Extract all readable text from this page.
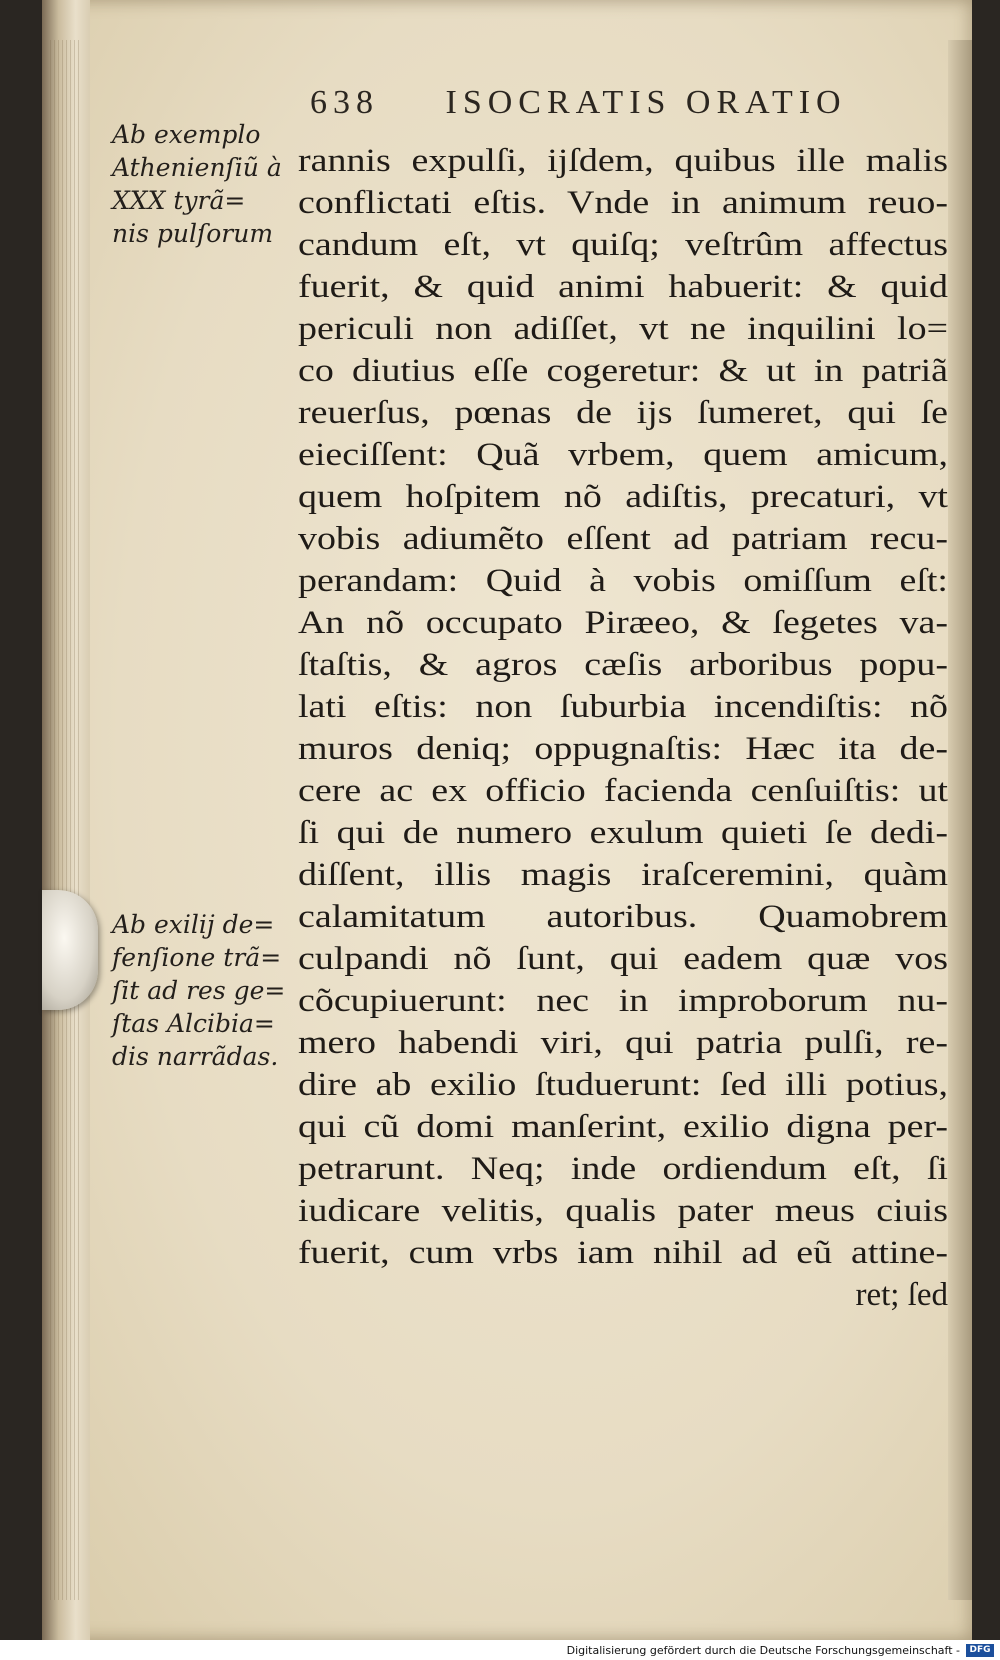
638 ISOCRATIS ORATIO
Ab exemplo
Athenienſiũ à
XXX tyrã=
nis pulſorum
Ab exilij de=
fenſione trã=
ſit ad res ge=
ſtas Alcibia=
dis narrãdas.
rannis expulſi, ijſdem, quibus ille malis
conflictati eſtis. Vnde in animum reuo-
candum eſt, vt quiſq; veſtrûm affectus
fuerit, & quid animi habuerit: & quid
periculi non adiſſet, vt ne inquilini lo=
co diutius eſſe cogeretur: & ut in patriã
reuerſus, pœnas de ijs ſumeret, qui ſe
eieciſſent: Quã vrbem, quem amicum,
quem hoſpitem nõ adiſtis, precaturi, vt
vobis adiumẽto eſſent ad patriam recu-
perandam: Quid à vobis omiſſum eſt:
An nõ occupato Piræeo, & ſegetes va-
ſtaſtis, & agros cæſis arboribus popu-
lati eſtis: non ſuburbia incendiſtis: nõ
muros deniq; oppugnaſtis: Hæc ita de-
cere ac ex officio facienda cenſuiſtis: ut
ſi qui de numero exulum quieti ſe dedi-
diſſent, illis magis iraſceremini, quàm
calamitatum autoribus. Quamobrem
culpandi nõ ſunt, qui eadem quæ vos
cõcupiuerunt: nec in improborum nu-
mero habendi viri, qui patria pulſi, re-
dire ab exilio ſtuduerunt: ſed illi potius,
qui cũ domi manſerint, exilio digna per-
petrarunt. Neq; inde ordiendum eſt, ſi
iudicare velitis, qualis pater meus ciuis
fuerit, cum vrbs iam nihil ad eũ attine-
ret; ſed
Digitalisierung gefördert durch die Deutsche Forschungsgemeinschaft -	DFG
